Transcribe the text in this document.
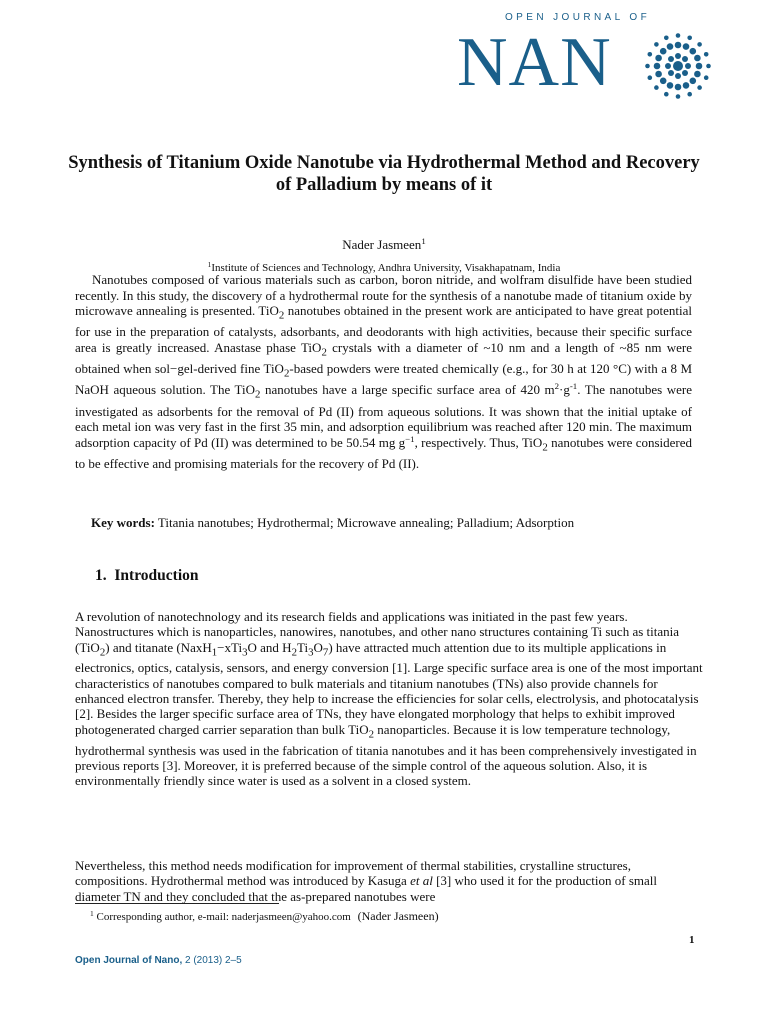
OPEN JOURNAL OF
NAN
Synthesis of Titanium Oxide Nanotube via Hydrothermal Method and Recovery of Palladium by means of it
Nader Jasmeen$^1$
$^1$Institute of Sciences and Technology, Andhra University, Visakhapatnam, India

Nanotubes composed of various materials such as carbon, boron nitride, and wolfram disulfide have been studied recently. In this study, the discovery of a hydrothermal route for the synthesis of a nanotube made of titanium oxide by microwave annealing is presented. TiO$_2$ nanotubes obtained in the present work are anticipated to have great potential for use in the preparation of catalysts, adsorbants, and deodorants with high activities, because their specific surface area is greatly increased. Anastase phase TiO$_2$ crystals with a diameter of ~10 nm and a length of ~85 nm were obtained when sol−gel-derived fine TiO$_2$-based powders were treated chemically (e.g., for 30 h at 120 °C) with a 8 M NaOH aqueous solution. The TiO$_2$ nanotubes have a large specific surface area of 420 $m^2\cdot g^{-1}$. The nanotubes were investigated as adsorbents for the removal of Pd (II) from aqueous solutions. It was shown that the initial uptake of each metal ion was very fast in the first 35 min, and adsorption equilibrium was reached after 120 min. The maximum adsorption capacity of Pd (II) was determined to be 50.54 mg $g^{-1}$, respectively. Thus, TiO$_2$ nanotubes were considered to be effective and promising materials for the recovery of Pd (II).

Key words: Titania nanotubes; Hydrothermal; Microwave annealing; Palladium; Adsorption
1. Introduction

A revolution of nanotechnology and its research fields and applications was initiated in the past few years. Nanostructures which is nanoparticles, nanowires, nanotubes, and other nano structures containing Ti such as titania (TiO$_2$) and titanate (NaxH$_1$−xTi$_3$O and $H_2Ti_3O_7$) have attracted much attention due to its multiple applications in electronics, optics, catalysis, sensors, and energy conversion [1]. Large specific surface area is one of the most important characteristics of nanotubes compared to bulk materials and titanium nanotubes (TNs) also provide channels for enhanced electron transfer. Thereby, they help to increase the efficiencies for solar cells, electrolysis, and photocatalysis [2]. Besides the larger specific surface area of TNs, they have elongated morphology that helps to exhibit improved photogenerated charged carrier separation than bulk TiO$_2$ nanoparticles. Because it is low temperature technology, hydrothermal synthesis was used in the fabrication of titania nanotubes and it has been comprehensively investigated in previous reports [3]. Moreover, it is preferred because of the simple control of the aqueous solution. Also, it is environmentally friendly since water is used as a solvent in a closed system.

Nevertheless, this method needs modification for improvement of thermal stabilities, crystalline structures, compositions. Hydrothermal method was introduced by Kasuga et al [3] who used it for the production of small diameter TN and they concluded that the as-prepared nanotubes were

$^1$ Corresponding author, e-mail: naderjasmeen@yahoo.com (Nader Jasmeen)
1
Open Journal of Nano, 2 (2013) 2–5
